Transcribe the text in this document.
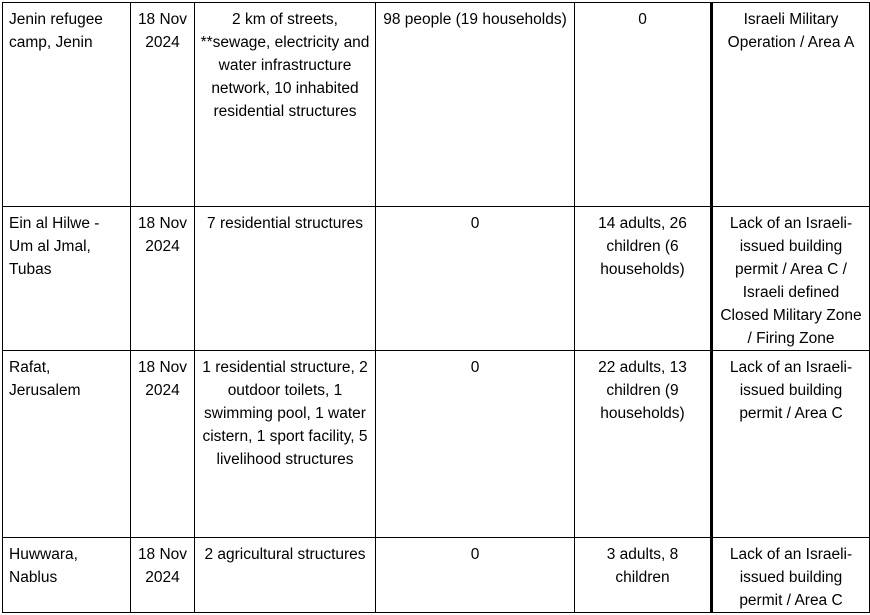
Jenin refugee camp, Jenin	18 Nov 2024	2 km of streets, **sewage, electricity and water infrastructure network, 10 inhabited residential structures	98 people (19 households)	0	Israeli Military Operation / Area A
Ein al Hilwe - Um al Jmal, Tubas	18 Nov 2024	7 residential structures	0	14 adults, 26 children (6 households)	Lack of an Israeli-issued building permit / Area C / Israeli defined Closed Military Zone / Firing Zone
Rafat, Jerusalem	18 Nov 2024	1 residential structure, 2 outdoor toilets, 1 swimming pool, 1 water cistern, 1 sport facility, 5 livelihood structures	0	22 adults, 13 children (9 households)	Lack of an Israeli-issued building permit / Area C
Huwwara, Nablus	18 Nov 2024	2 agricultural structures	0	3 adults, 8 children	Lack of an Israeli-issued building permit / Area C
